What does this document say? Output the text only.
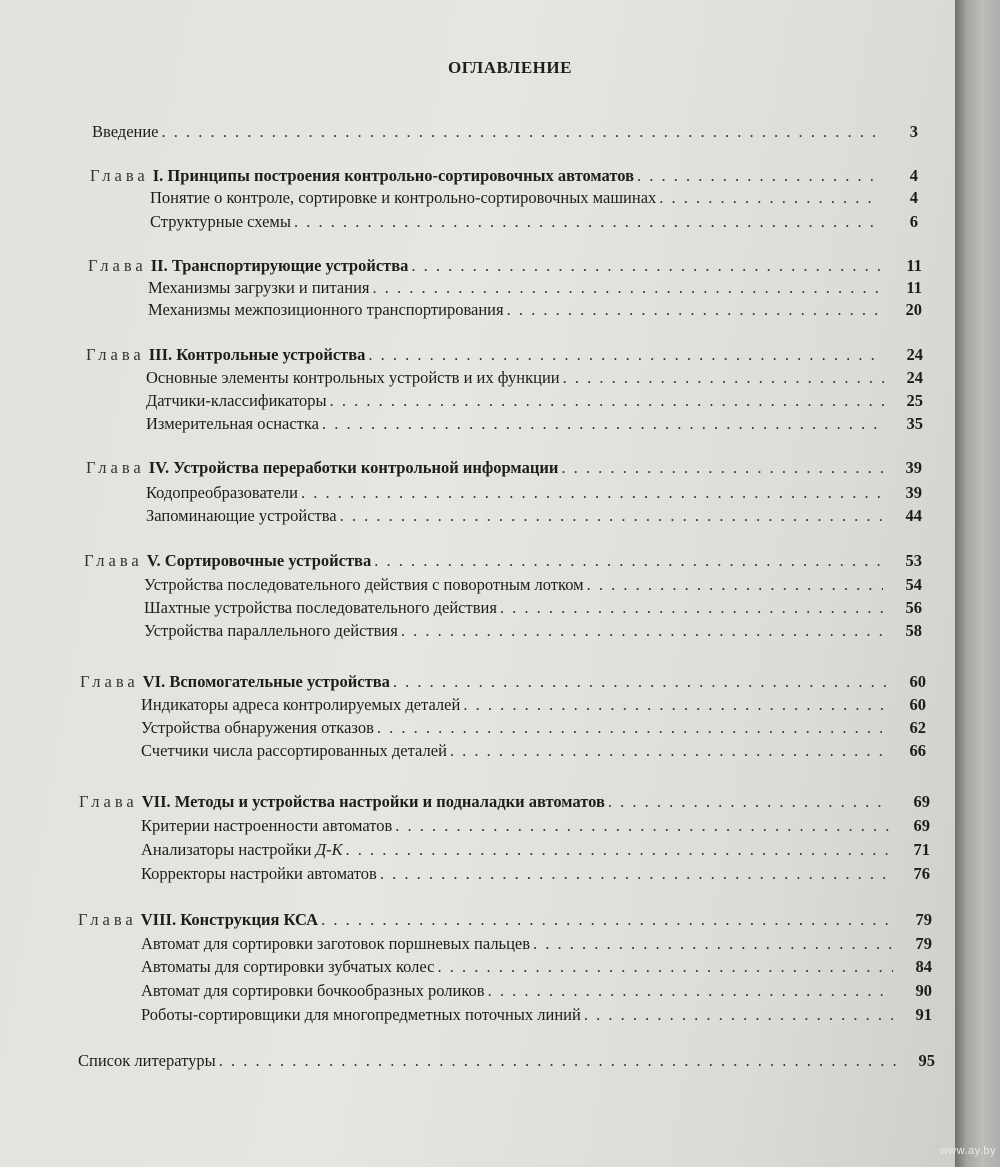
www.ay.by
ОГЛАВЛЕНИЕ
Введение . . .	3
Глава I. Принципы построения контрольно-сортировочных автоматов . . .	4
Понятие о контроле, сортировке и контрольно-сортировочных машинах . . .	4
Структурные схемы . . .	6
Глава II. Транспортирующие устройства . . .	11
Механизмы загрузки и питания . . .	11
Механизмы межпозиционного транспортирования . . .	20
Глава III. Контрольные устройства . . .	24
Основные элементы контрольных устройств и их функции . . .	24
Датчики-классификаторы . . .	25
Измерительная оснастка . . .	35
Глава IV. Устройства переработки контрольной информации . . .	39
Кодопреобразователи . . .	39
Запоминающие устройства . . .	44
Глава V. Сортировочные устройства . . .	53
Устройства последовательного действия с поворотным лотком . . .	54
Шахтные устройства последовательного действия . . .	56
Устройства параллельного действия . . .	58
Глава VI. Вспомогательные устройства . . .	60
Индикаторы адреса контролируемых деталей . . .	60
Устройства обнаружения отказов . . .	62
Счетчики числа рассортированных деталей . . .	66
Глава VII. Методы и устройства настройки и подналадки автоматов . . .	69
Критерии настроенности автоматов . . .	69
Анализаторы настройки Д-К . . .	71
Корректоры настройки автоматов . . .	76
Глава VIII. Конструкция КСА . . .	79
Автомат для сортировки заготовок поршневых пальцев . . .	79
Автоматы для сортировки зубчатых колес . . .	84
Автомат для сортировки бочкообразных роликов . . .	90
Роботы-сортировщики для многопредметных поточных линий . . .	91
Список литературы . . .	95
